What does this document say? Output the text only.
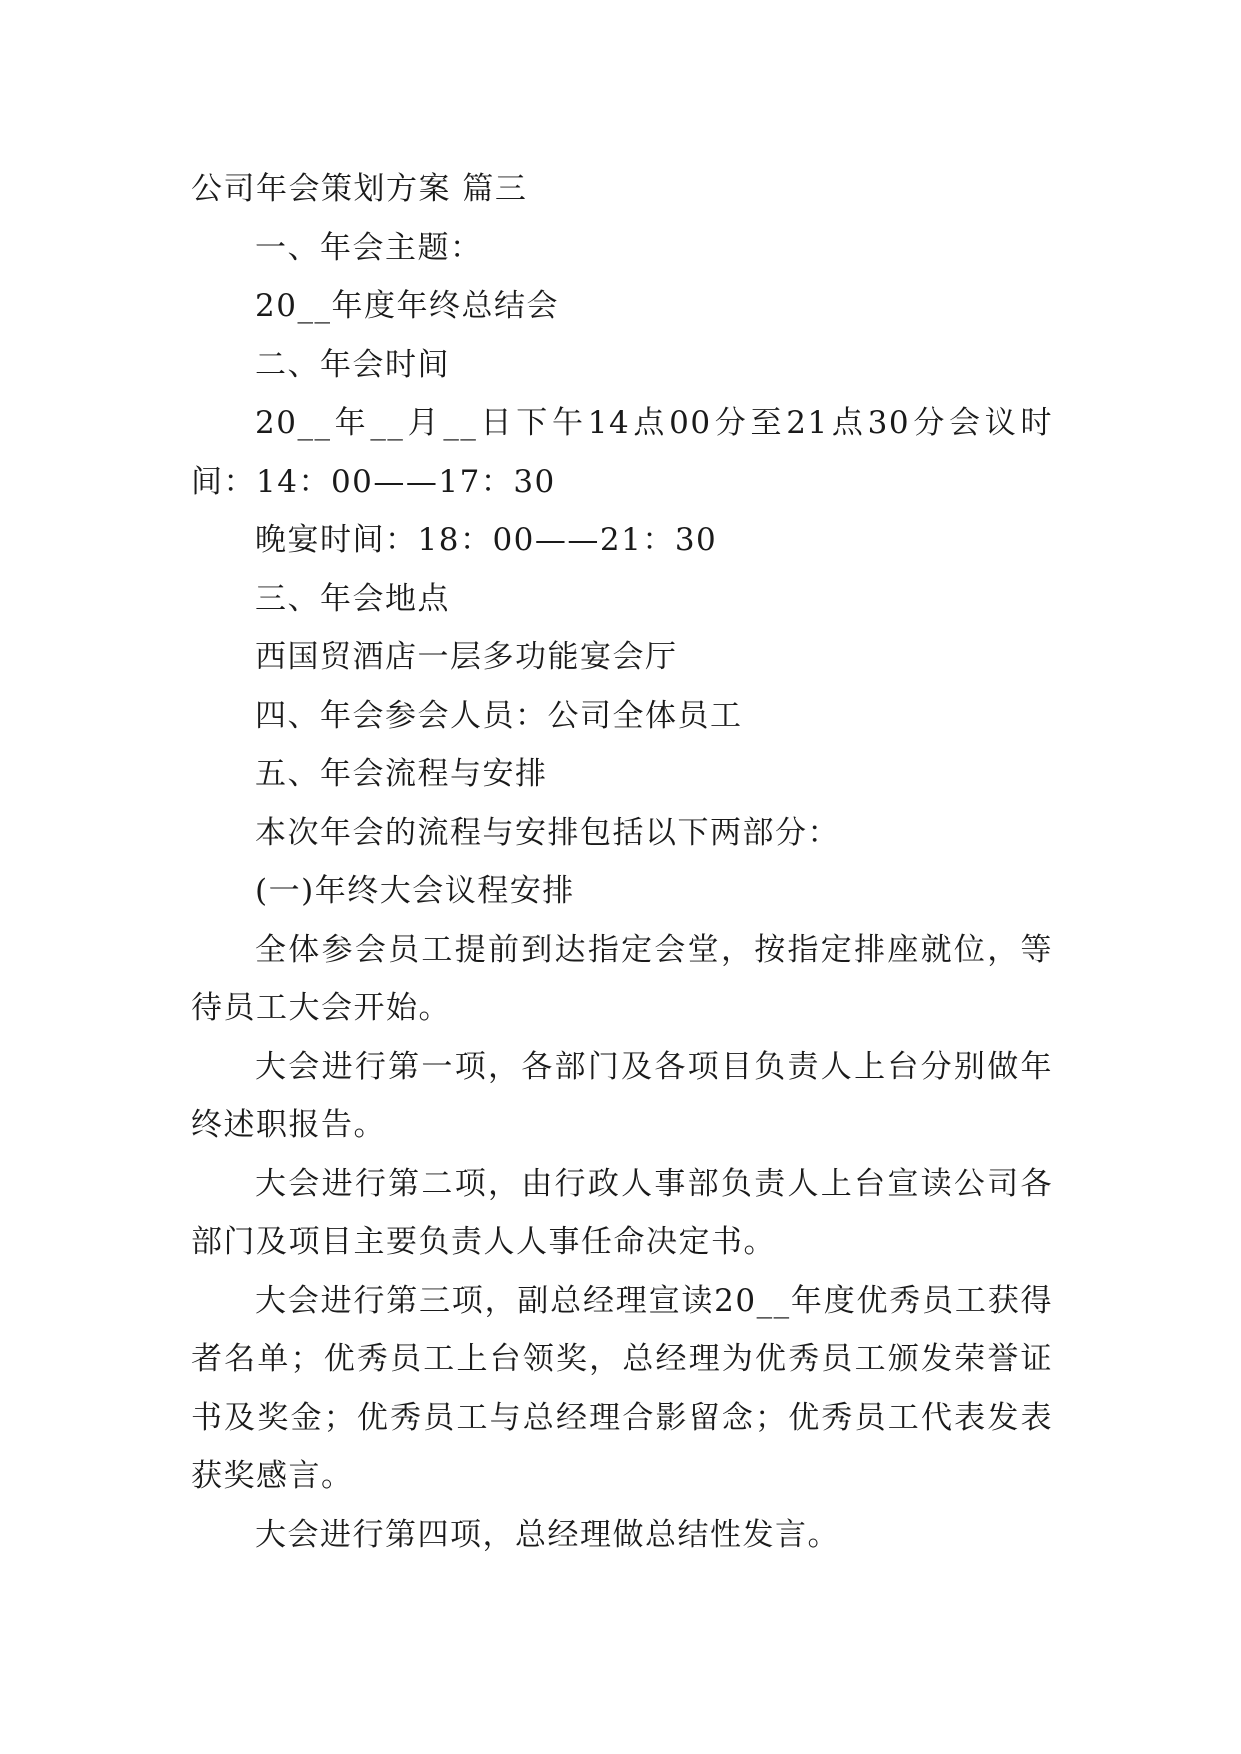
公司年会策划方案 篇三

一、年会主题：

20__年度年终总结会

二、年会时间

20__年__月__日下午14点00分至21点30分会议时间：14：00——17：30

晚宴时间：18：00——21：30

三、年会地点

西国贸酒店一层多功能宴会厅

四、年会参会人员：公司全体员工

五、年会流程与安排

本次年会的流程与安排包括以下两部分：

(一)年终大会议程安排

全体参会员工提前到达指定会堂，按指定排座就位，等待员工大会开始。

大会进行第一项，各部门及各项目负责人上台分别做年终述职报告。

大会进行第二项，由行政人事部负责人上台宣读公司各部门及项目主要负责人人事任命决定书。

大会进行第三项，副总经理宣读20__年度优秀员工获得者名单；优秀员工上台领奖，总经理为优秀员工颁发荣誉证书及奖金；优秀员工与总经理合影留念；优秀员工代表发表获奖感言。

大会进行第四项，总经理做总结性发言。
